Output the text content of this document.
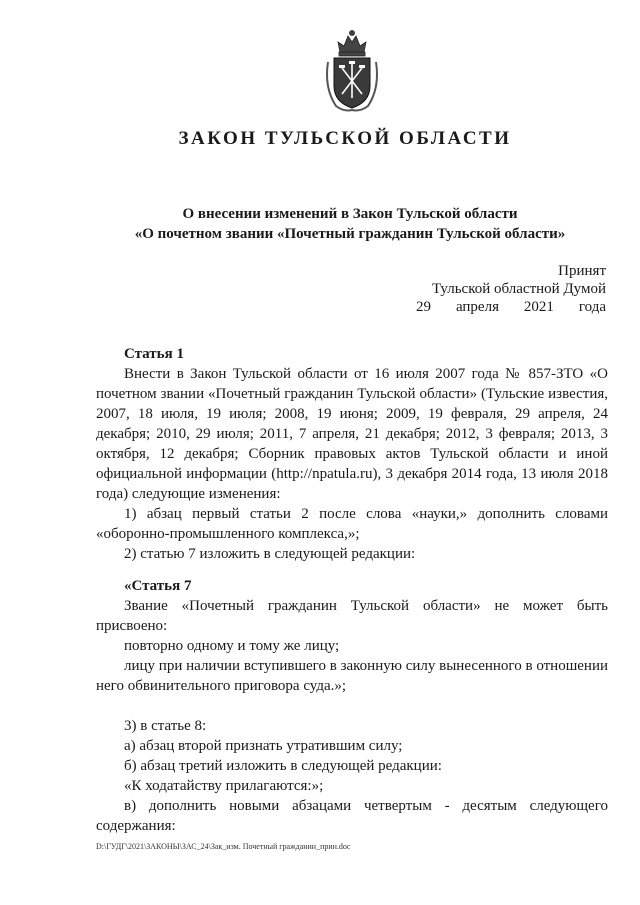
ЗАКОН ТУЛЬСКОЙ ОБЛАСТИ
О внесении изменений в Закон Тульской области
«О почетном звании «Почетный гражданин Тульской области»
Принят
Тульской областной Думой
29 апреля 2021 года
Статья 1
Внести в Закон Тульской области от 16 июля 2007 года № 857-ЗТО «О почетном звании «Почетный гражданин Тульской области» (Тульские известия, 2007, 18 июля, 19 июля; 2008, 19 июня; 2009, 19 февраля, 29 апреля, 24 декабря; 2010, 29 июля; 2011, 7 апреля, 21 декабря; 2012, 3 февраля; 2013, 3 октября, 12 декабря; Сборник правовых актов Тульской области и иной официальной информации (http://npatula.ru), 3 декабря 2014 года, 13 июля 2018 года) следующие изменения:
1) абзац первый статьи 2 после слова «науки,» дополнить словами «оборонно-промышленного комплекса,»;
2) статью 7 изложить в следующей редакции:
«Статья 7
Звание «Почетный гражданин Тульской области» не может быть присвоено:
повторно одному и тому же лицу;
лицу при наличии вступившего в законную силу вынесенного в отношении него обвинительного приговора суда.»;
3) в статье 8:
а) абзац второй признать утратившим силу;
б) абзац третий изложить в следующей редакции:
«К ходатайству прилагаются:»;
в) дополнить новыми абзацами четвертым - десятым следующего содержания:
D:\ГУДГ\2021\ЗАКОНЫ\ЗАС_24\Зак_изм. Почетный гражданин_прин.doc
